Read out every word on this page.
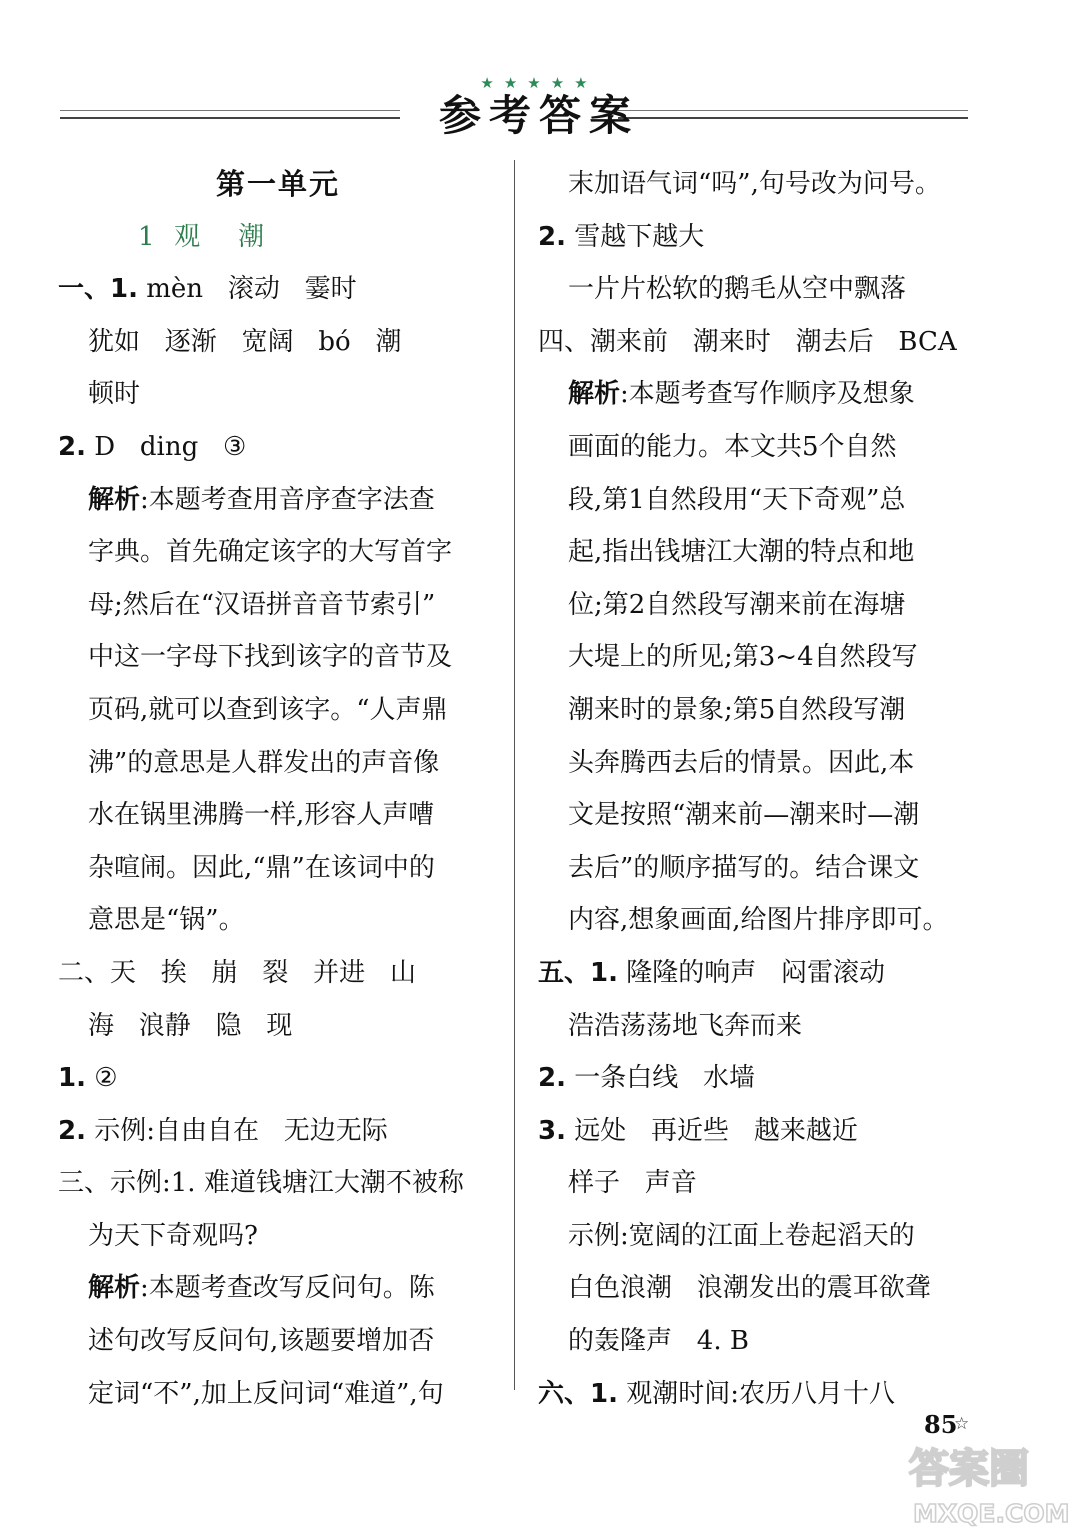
★★★★★
参考答案
第一单元
1  观    潮
一、1. mèn   滚动   霎时
犹如   逐渐   宽阔   bó   潮
顿时
2. D   ding   ③
解析:本题考查用音序查字法查
字典。首先确定该字的大写首字
母;然后在“汉语拼音音节索引”
中这一字母下找到该字的音节及
页码,就可以查到该字。“人声鼎
沸”的意思是人群发出的声音像
水在锅里沸腾一样,形容人声嘈
杂喧闹。因此,“鼎”在该词中的
意思是“锅”。
二、天   挨   崩   裂   并进   山
海   浪静   隐   现
1. ②
2. 示例:自由自在   无边无际
三、示例:1. 难道钱塘江大潮不被称
为天下奇观吗?
解析:本题考查改写反问句。陈
述句改写反问句,该题要增加否
定词“不”,加上反问词“难道”,句
末加语气词“吗”,句号改为问号。
2. 雪越下越大
一片片松软的鹅毛从空中飘落
四、潮来前   潮来时   潮去后   BCA
解析:本题考查写作顺序及想象
画面的能力。本文共5个自然
段,第1自然段用“天下奇观”总
起,指出钱塘江大潮的特点和地
位;第2自然段写潮来前在海塘
大堤上的所见;第3~4自然段写
潮来时的景象;第5自然段写潮
头奔腾西去后的情景。因此,本
文是按照“潮来前—潮来时—潮
去后”的顺序描写的。结合课文
内容,想象画面,给图片排序即可。
五、1. 隆隆的响声   闷雷滚动
浩浩荡荡地飞奔而来
2. 一条白线   水墙
3. 远处   再近些   越来越近
样子   声音
示例:宽阔的江面上卷起滔天的
白色浪潮   浪潮发出的震耳欲聋
的轰隆声   4. B
六、1. 观潮时间:农历八月十八
85
☆
答案圈
MXQE.COM
